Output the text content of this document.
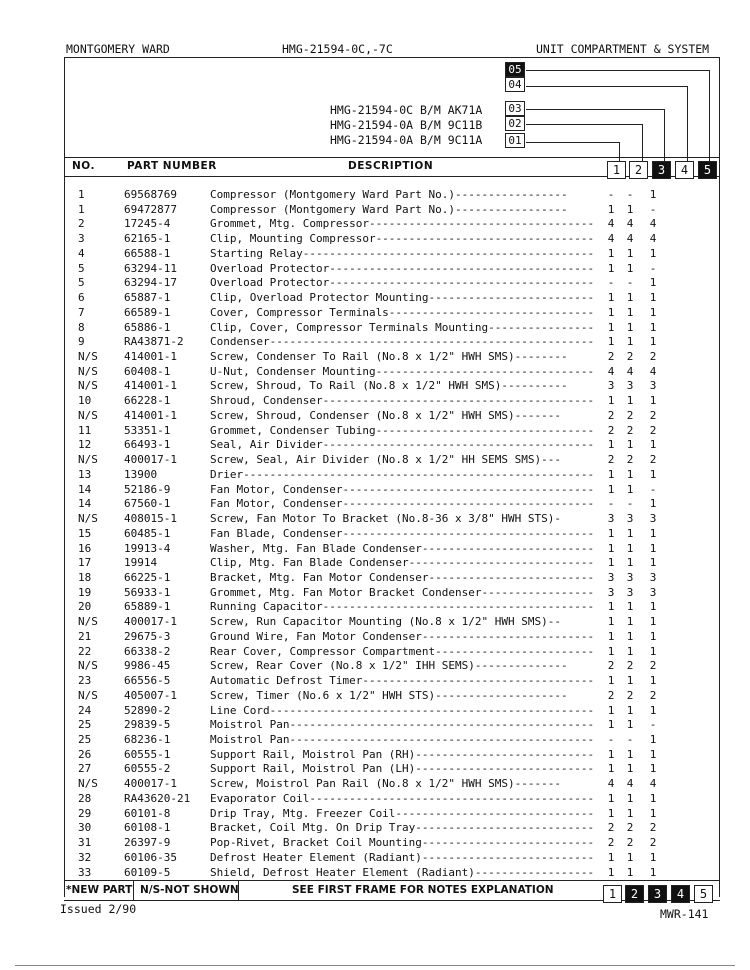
MONTGOMERY WARD	HMG-21594-0C,-7C	UNIT COMPARTMENT & SYSTEM
HMG-21594-0C B/M AK71A
HMG-21594-0A B/M 9C11B
HMG-21594-0A B/M 9C11A
05
04
03
02
01
NO.	PART NUMBER	DESCRIPTION	1	2	3	4	5
1	69568769	Compressor (Montgomery Ward Part No.)-----------------	-	-	1
1	69472877	Compressor (Montgomery Ward Part No.)-----------------	1	1	-
2	17245-4	Grommet, Mtg. Compressor----------------------------------	4	4	4
3	62165-1	Clip, Mounting Compressor---------------------------------	4	4	4
4	66588-1	Starting Relay--------------------------------------------	1	1	1
5	63294-11	Overload Protector----------------------------------------	1	1	-
5	63294-17	Overload Protector----------------------------------------	-	-	1
6	65887-1	Clip, Overload Protector Mounting-------------------------	1	1	1
7	66589-1	Cover, Compressor Terminals-------------------------------	1	1	1
8	65886-1	Clip, Cover, Compressor Terminals Mounting----------------	1	1	1
9	RA43871-2 Condenser-------------------------------------------------	1	1	1
N/S 414001-1	Screw, Condenser To Rail (No.8 x 1/2" HWH SMS)--------	2	2	2
N/S 60408-1	U-Nut, Condenser Mounting---------------------------------	4	4	4
N/S 414001-1	Screw, Shroud, To Rail (No.8 x 1/2" HWH SMS)----------	3	3	3
10	66228-1	Shroud, Condenser-----------------------------------------	1	1	1
N/S 414001-1	Screw, Shroud, Condenser (No.8 x 1/2" HWH SMS)-------	2	2	2
11	53351-1	Grommet, Condenser Tubing---------------------------------	2	2	2
12	66493-1	Seal, Air Divider-----------------------------------------	1	1	1
N/S 400017-1	Screw, Seal, Air Divider (No.8 x 1/2" HH SEMS SMS)---	2	2	2
13	13900	Drier-----------------------------------------------------	1	1	1
14	52186-9	Fan Motor, Condenser--------------------------------------	1	1	-
14	67560-1	Fan Motor, Condenser--------------------------------------	-	-	1
N/S 408015-1	Screw, Fan Motor To Bracket (No.8-36 x 3/8" HWH STS)-	3	3	3
15	60485-1	Fan Blade, Condenser--------------------------------------	1	1	1
16	19913-4	Washer, Mtg. Fan Blade Condenser--------------------------	1	1	1
17	19914	Clip, Mtg. Fan Blade Condenser----------------------------	1	1	1
18	66225-1	Bracket, Mtg. Fan Motor Condenser-------------------------	3	3	3
19	56933-1	Grommet, Mtg. Fan Motor Bracket Condenser-----------------	3	3	3
20	65889-1	Running Capacitor-----------------------------------------	1	1	1
N/S 400017-1	Screw, Run Capacitor Mounting (No.8 x 1/2" HWH SMS)--	1	1	1
21	29675-3	Ground Wire, Fan Motor Condenser--------------------------	1	1	1
22	66338-2	Rear Cover, Compressor Compartment------------------------	1	1	1
N/S 9986-45	Screw, Rear Cover (No.8 x 1/2" IHH SEMS)--------------	2	2	2
23	66556-5	Automatic Defrost Timer-----------------------------------	1	1	1
N/S 405007-1	Screw, Timer (No.6 x 1/2" HWH STS)--------------------	2	2	2
24	52890-2	Line Cord-------------------------------------------------	1	1	1
25	29839-5	Moistrol Pan----------------------------------------------	1	1	-
25	68236-1	Moistrol Pan----------------------------------------------	-	-	1
26	60555-1	Support Rail, Moistrol Pan (RH)---------------------------	1	1	1
27	60555-2	Support Rail, Moistrol Pan (LH)---------------------------	1	1	1
N/S 400017-1	Screw, Moistrol Pan Rail (No.8 x 1/2" HWH SMS)-------	4	4	4
28	RA43620-21 Evaporator Coil-------------------------------------------	1	1	1
29	60101-8	Drip Tray, Mtg. Freezer Coil------------------------------	1	1	1
30	60108-1	Bracket, Coil Mtg. On Drip Tray---------------------------	2	2	2
31	26397-9	Pop-Rivet, Bracket Coil Mounting--------------------------	2	2	2
32	60106-35	Defrost Heater Element (Radiant)--------------------------	1	1	1
33	60109-5	Shield, Defrost Heater Element (Radiant)------------------	1	1	1
*NEW PART N/S-NOT SHOWN	SEE FIRST FRAME FOR NOTES EXPLANATION	1	2	3	4	5
Issued 2/90	MWR-141
